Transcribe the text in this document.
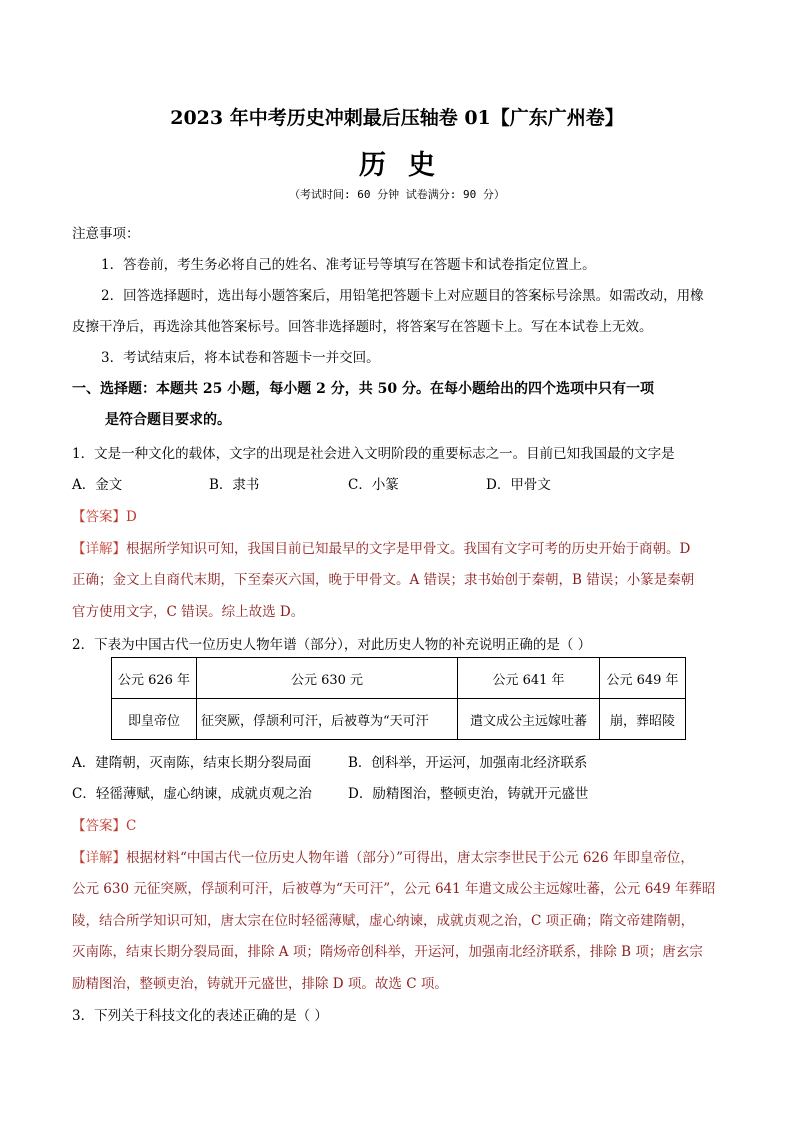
2023 年中考历史冲刺最后压轴卷 01【广东广州卷】
历史
（考试时间: 60 分钟 试卷满分: 90 分）
注意事项：
1．答卷前，考生务必将自己的姓名、准考证号等填写在答题卡和试卷指定位置上。
2．回答选择题时，选出每小题答案后，用铅笔把答题卡上对应题目的答案标号涂黑。如需改动，用橡
皮擦干净后，再选涂其他答案标号。回答非选择题时，将答案写在答题卡上。写在本试卷上无效。
3．考试结束后，将本试卷和答题卡一并交回。
一、选择题：本题共 25 小题，每小题 2 分，共 50 分。在每小题给出的四个选项中只有一项
是符合题目要求的。
1．文是一种文化的载体，文字的出现是社会进入文明阶段的重要标志之一。目前已知我国最的文字是
A．金文	B．隶书	C．小篆	D．甲骨文
【答案】D
【详解】根据所学知识可知，我国目前已知最早的文字是甲骨文。我国有文字可考的历史开始于商朝。D
正确；金文上自商代末期，下至秦灭六国，晚于甲骨文。A 错误；隶书始创于秦朝，B 错误；小篆是秦朝
官方使用文字，C 错误。综上故选 D。
2．下表为中国古代一位历史人物年谱（部分），对此历史人物的补充说明正确的是（ ）
公元 626 年	公元 630 元	公元 641 年	公元 649 年
即皇帝位	征突厥，俘颉利可汗，后被尊为“天可汗	遣文成公主远嫁吐蕃	崩，葬昭陵
A．建隋朝，灭南陈，结束长期分裂局面	B．创科举，开运河，加强南北经济联系
C．轻徭薄赋，虚心纳谏，成就贞观之治	D．励精图治，整顿吏治，铸就开元盛世
【答案】C
【详解】根据材料“中国古代一位历史人物年谱（部分）”可得出，唐太宗李世民于公元 626 年即皇帝位，
公元 630 元征突厥，俘颉利可汗，后被尊为“天可汗”，公元 641 年遣文成公主远嫁吐蕃，公元 649 年葬昭
陵，结合所学知识可知，唐太宗在位时轻徭薄赋，虚心纳谏，成就贞观之治，C 项正确；隋文帝建隋朝，
灭南陈，结束长期分裂局面，排除 A 项；隋炀帝创科举，开运河，加强南北经济联系，排除 B 项；唐玄宗
励精图治，整顿吏治，铸就开元盛世，排除 D 项。故选 C 项。
3．下列关于科技文化的表述正确的是（ ）
